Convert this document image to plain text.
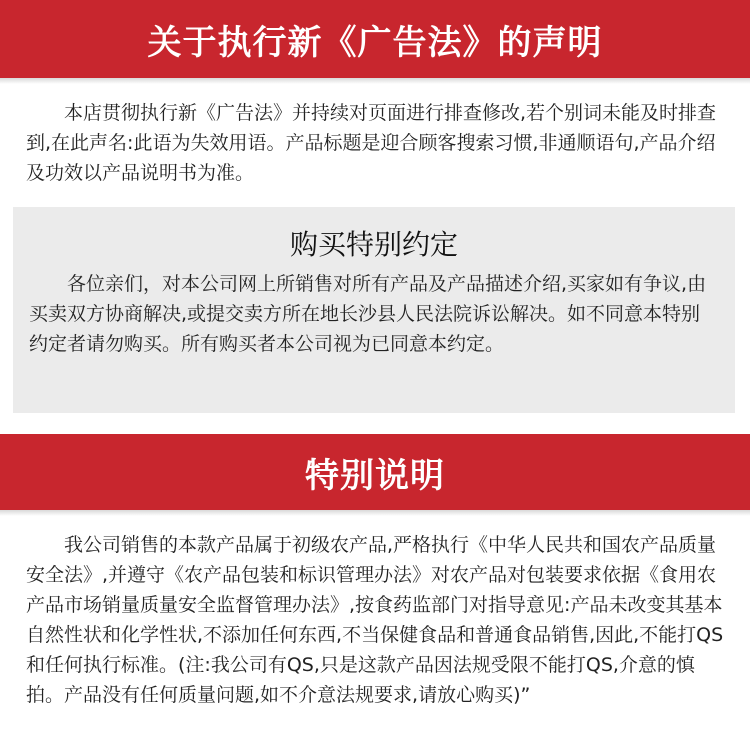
关于执行新《广告法》的声明

本店贯彻执行新《广告法》并持续对页面进行排查修改,若个别词未能及时排查到,在此声名:此语为失效用语。产品标题是迎合顾客搜索习惯,非通顺语句,产品介绍及功效以产品说明书为准。

购买特别约定

各位亲们，对本公司网上所销售对所有产品及产品描述介绍,买家如有争议,由买卖双方协商解决,或提交卖方所在地长沙县人民法院诉讼解决。如不同意本特别约定者请勿购买。所有购买者本公司视为已同意本约定。

特别说明

我公司销售的本款产品属于初级农产品,严格执行《中华人民共和国农产品质量安全法》,并遵守《农产品包装和标识管理办法》对农产品对包装要求依据《食用农产品市场销量质量安全监督管理办法》,按食药监部门对指导意见:产品未改变其基本自然性状和化学性状,不添加任何东西,不当保健食品和普通食品销售,因此,不能打QS和任何执行标准。(注:我公司有QS,只是这款产品因法规受限不能打QS,介意的慎拍。产品没有任何质量问题,如不介意法规要求,请放心购买)”
